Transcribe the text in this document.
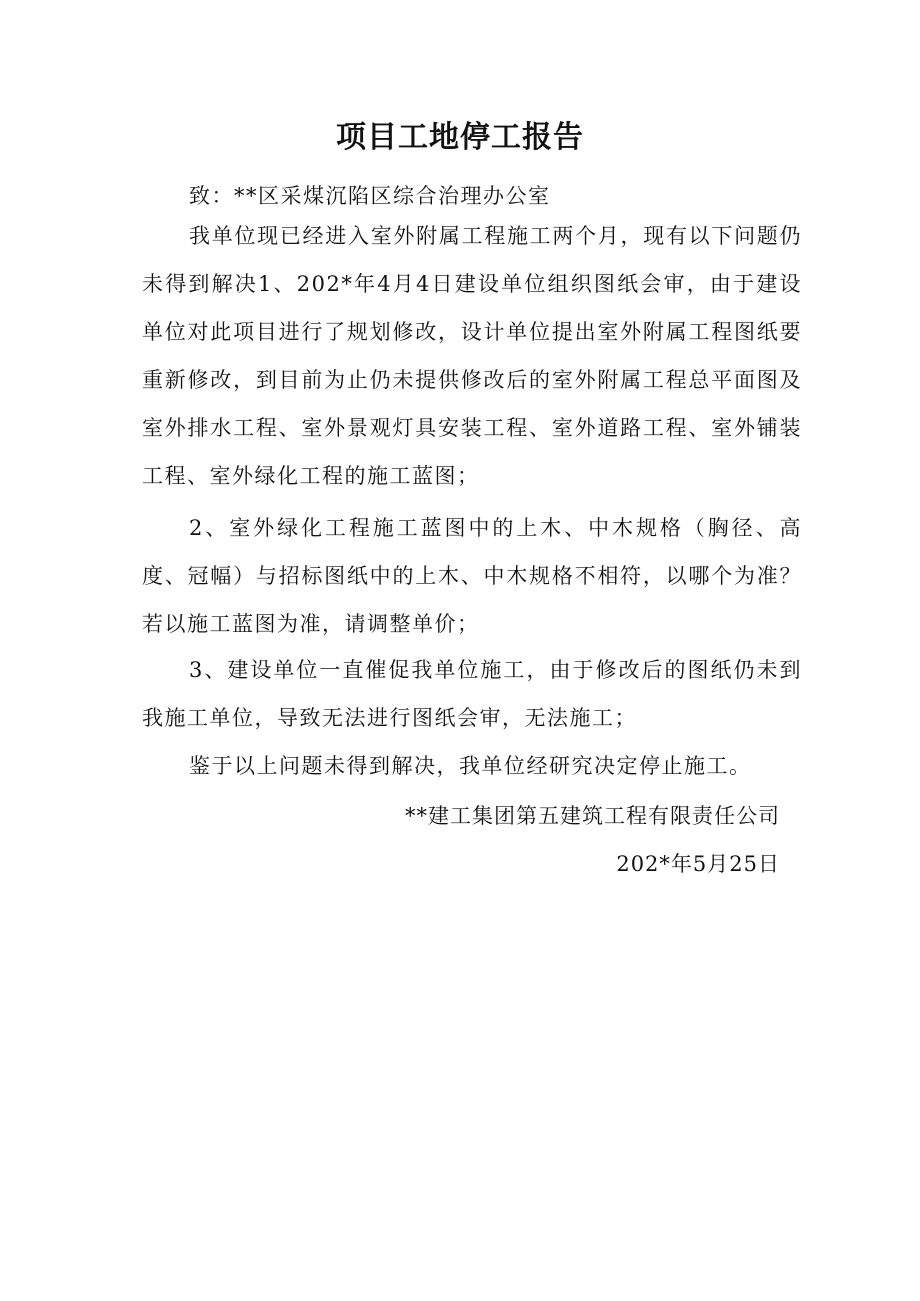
项目工地停工报告

致：**区采煤沉陷区综合治理办公室

我单位现已经进入室外附属工程施工两个月，现有以下问题仍未得到解决1、202*年4月4日建设单位组织图纸会审，由于建设单位对此项目进行了规划修改，设计单位提出室外附属工程图纸要重新修改，到目前为止仍未提供修改后的室外附属工程总平面图及室外排水工程、室外景观灯具安装工程、室外道路工程、室外铺装工程、室外绿化工程的施工蓝图；

2、室外绿化工程施工蓝图中的上木、中木规格（胸径、高度、冠幅）与招标图纸中的上木、中木规格不相符，以哪个为准？若以施工蓝图为准，请调整单价；

3、建设单位一直催促我单位施工，由于修改后的图纸仍未到我施工单位，导致无法进行图纸会审，无法施工；

鉴于以上问题未得到解决，我单位经研究决定停止施工。

**建工集团第五建筑工程有限责任公司
202*年5月25日
